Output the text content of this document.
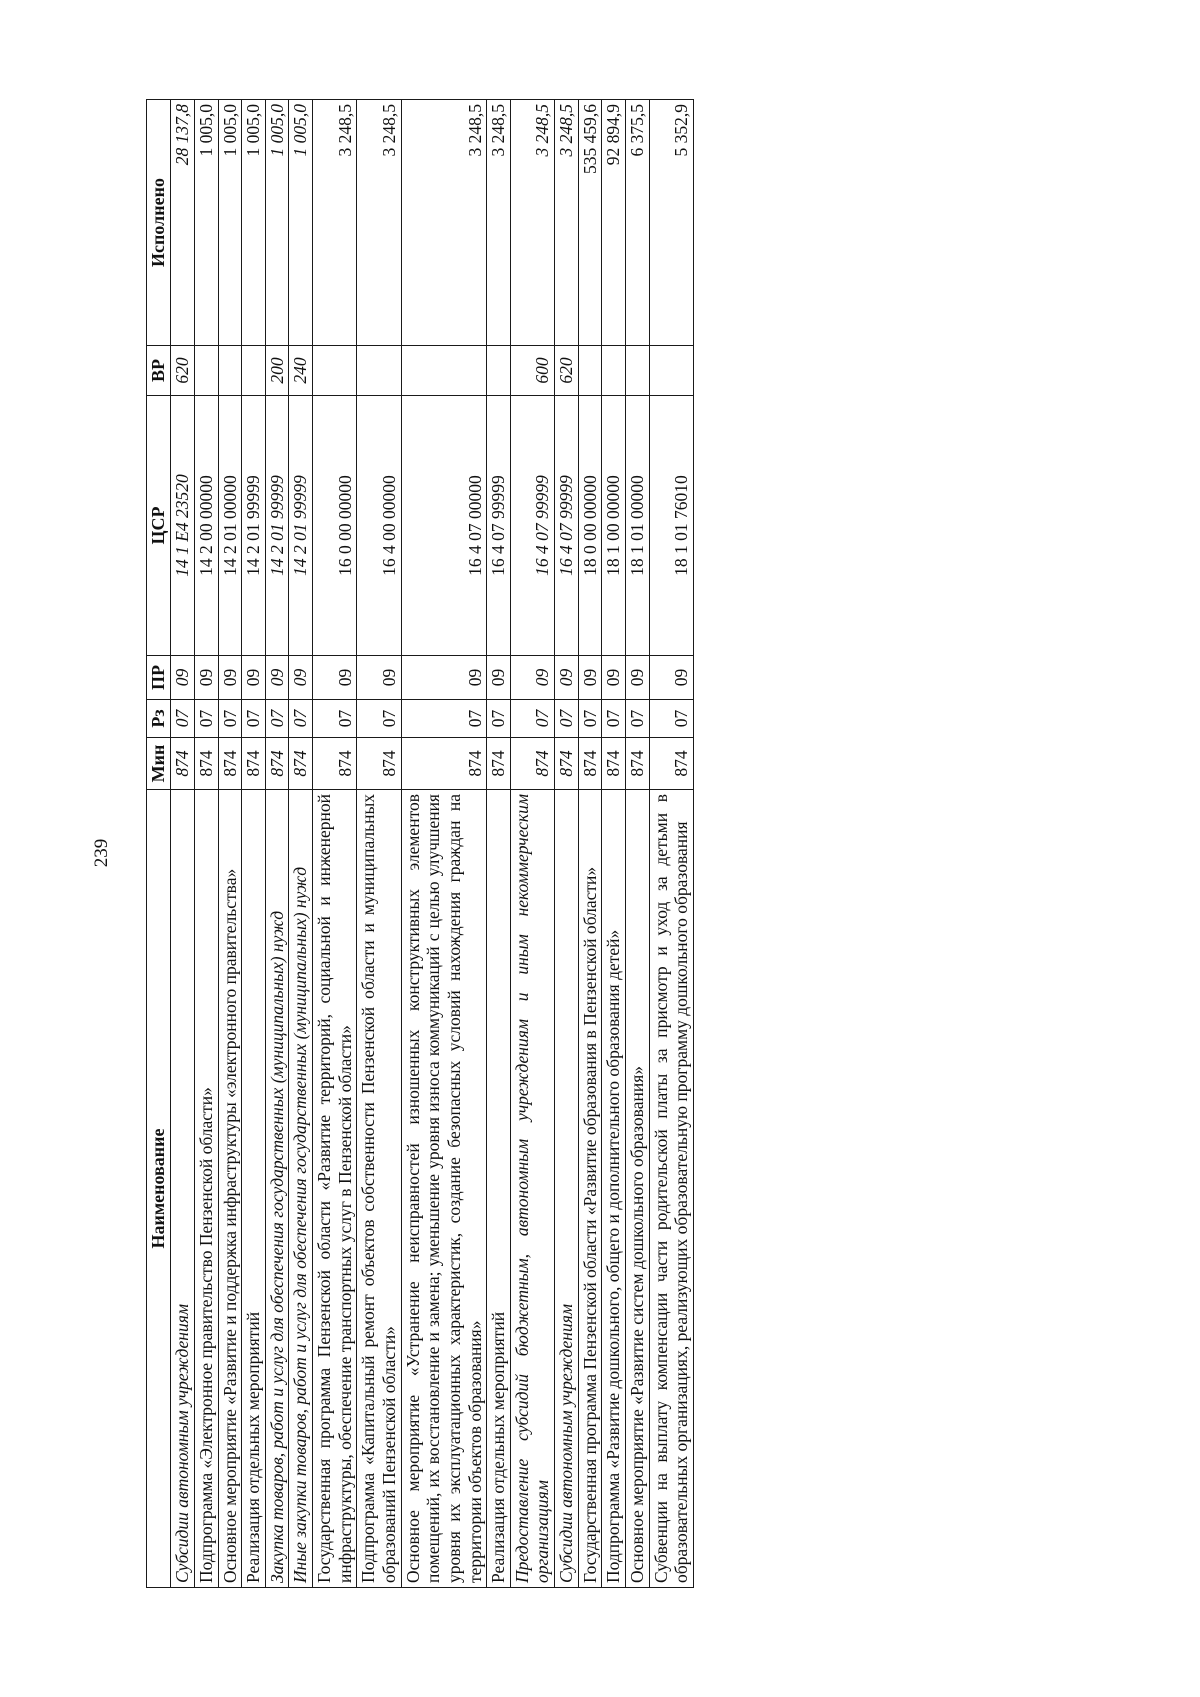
239
Наименование	Мин	Рз	ПР	ЦСР	ВР	Исполнено
Субсидии автономным учреждениям	874	07	09	14 1 Е4 23520	620	28 137,8
Подпрограмма «Электронное правительство Пензенской области»	874	07	09	14 2 00 00000		1 005,0
Основное мероприятие «Развитие и поддержка инфраструктуры «электронного правительства»	874	07	09	14 2 01 00000		1 005,0
Реализация отдельных мероприятий	874	07	09	14 2 01 99999		1 005,0
Закупка товаров, работ и услуг для обеспечения государственных (муниципальных) нужд	874	07	09	14 2 01 99999	200	1 005,0
Иные закупки товаров, работ и услуг для обеспечения государственных (муниципальных) нужд	874	07	09	14 2 01 99999	240	1 005,0
Государственная программа Пензенской области «Развитие территорий, социальной и инженерной инфраструктуры, обеспечение транспортных услуг в Пензенской области»	874	07	09	16 0 00 00000		3 248,5
Подпрограмма «Капитальный ремонт объектов собственности Пензенской области и муниципальных образований Пензенской области»	874	07	09	16 4 00 00000		3 248,5
Основное мероприятие «Устранение неисправностей изношенных конструктивных элементов помещений, их восстановление и замена; уменьшение уровня износа коммуникаций с целью улучшения уровня их эксплуатационных характеристик, создание безопасных условий нахождения граждан на территории объектов образования»	874	07	09	16 4 07 00000		3 248,5
Реализация отдельных мероприятий	874	07	09	16 4 07 99999		3 248,5
Предоставление субсидий бюджетным, автономным учреждениям и иным некоммерческим организациям	874	07	09	16 4 07 99999	600	3 248,5
Субсидии автономным учреждениям	874	07	09	16 4 07 99999	620	3 248,5
Государственная программа Пензенской области «Развитие образования в Пензенской области»	874	07	09	18 0 00 00000		535 459,6
Подпрограмма «Развитие дошкольного, общего и дополнительного образования детей»	874	07	09	18 1 00 00000		92 894,9
Основное мероприятие «Развитие систем дошкольного образования»	874	07	09	18 1 01 00000		6 375,5
Субвенции на выплату компенсации части родительской платы за присмотр и уход за детьми в образовательных организациях, реализующих образовательную программу дошкольного образования	874	07	09	18 1 01 76010		5 352,9
